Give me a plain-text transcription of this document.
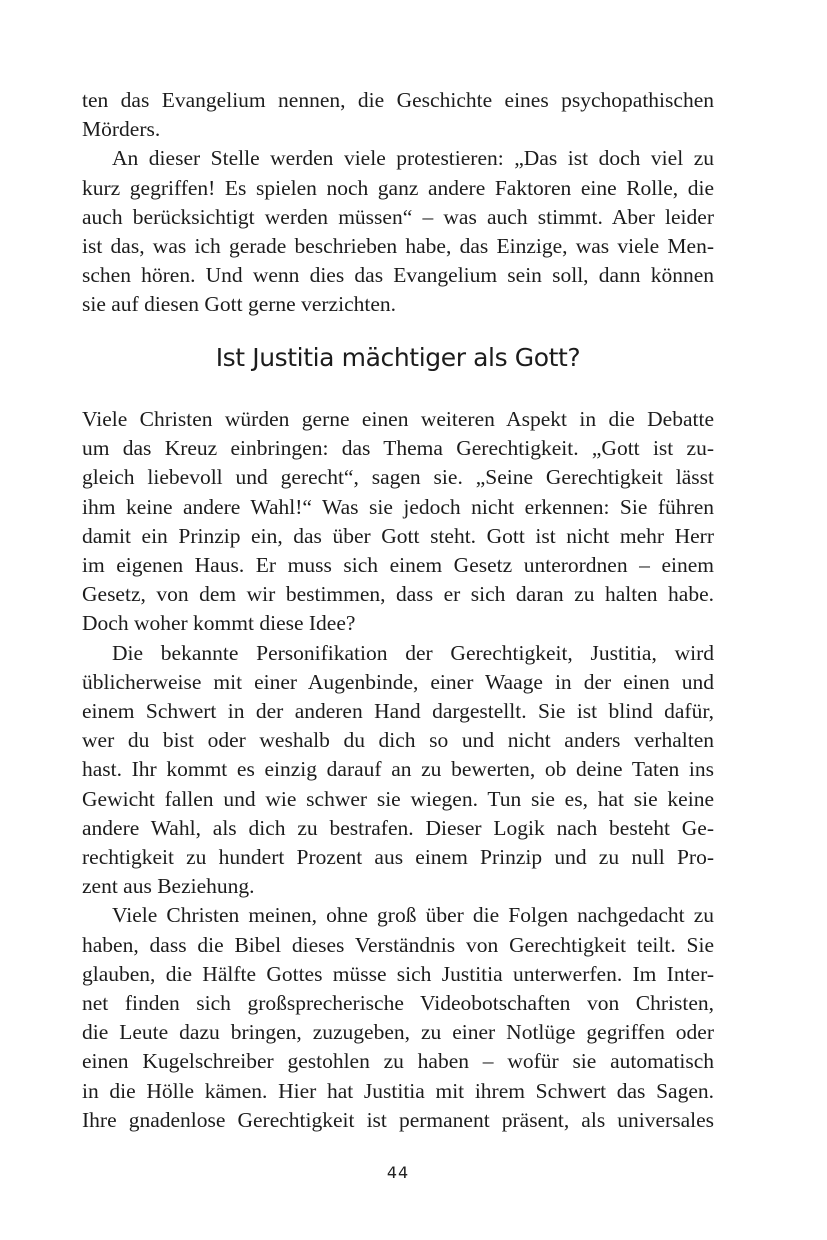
ten das Evangelium nennen, die Geschichte eines psychopathischen
Mörders.
An dieser Stelle werden viele protestieren: „Das ist doch viel zu
kurz gegriffen! Es spielen noch ganz andere Faktoren eine Rolle, die
auch berücksichtigt werden müssen“ – was auch stimmt. Aber leider
ist das, was ich gerade beschrieben habe, das Einzige, was viele Men-
schen hören. Und wenn dies das Evangelium sein soll, dann können
sie auf diesen Gott gerne verzichten.
Ist Justitia mächtiger als Gott?
Viele Christen würden gerne einen weiteren Aspekt in die Debatte
um das Kreuz einbringen: das Thema Gerechtigkeit. „Gott ist zu-
gleich liebevoll und gerecht“, sagen sie. „Seine Gerechtigkeit lässt
ihm keine andere Wahl!“ Was sie jedoch nicht erkennen: Sie führen
damit ein Prinzip ein, das über Gott steht. Gott ist nicht mehr Herr
im eigenen Haus. Er muss sich einem Gesetz unterordnen – einem
Gesetz, von dem wir bestimmen, dass er sich daran zu halten habe.
Doch woher kommt diese Idee?
Die bekannte Personifikation der Gerechtigkeit, Justitia, wird
üblicherweise mit einer Augenbinde, einer Waage in der einen und
einem Schwert in der anderen Hand dargestellt. Sie ist blind dafür,
wer du bist oder weshalb du dich so und nicht anders verhalten
hast. Ihr kommt es einzig darauf an zu bewerten, ob deine Taten ins
Gewicht fallen und wie schwer sie wiegen. Tun sie es, hat sie keine
andere Wahl, als dich zu bestrafen. Dieser Logik nach besteht Ge-
rechtigkeit zu hundert Prozent aus einem Prinzip und zu null Pro-
zent aus Beziehung.
Viele Christen meinen, ohne groß über die Folgen nachgedacht zu
haben, dass die Bibel dieses Verständnis von Gerechtigkeit teilt. Sie
glauben, die Hälfte Gottes müsse sich Justitia unterwerfen. Im Inter-
net finden sich großsprecherische Videobotschaften von Christen,
die Leute dazu bringen, zuzugeben, zu einer Notlüge gegriffen oder
einen Kugelschreiber gestohlen zu haben – wofür sie automatisch
in die Hölle kämen. Hier hat Justitia mit ihrem Schwert das Sagen.
Ihre gnadenlose Gerechtigkeit ist permanent präsent, als universales
44
